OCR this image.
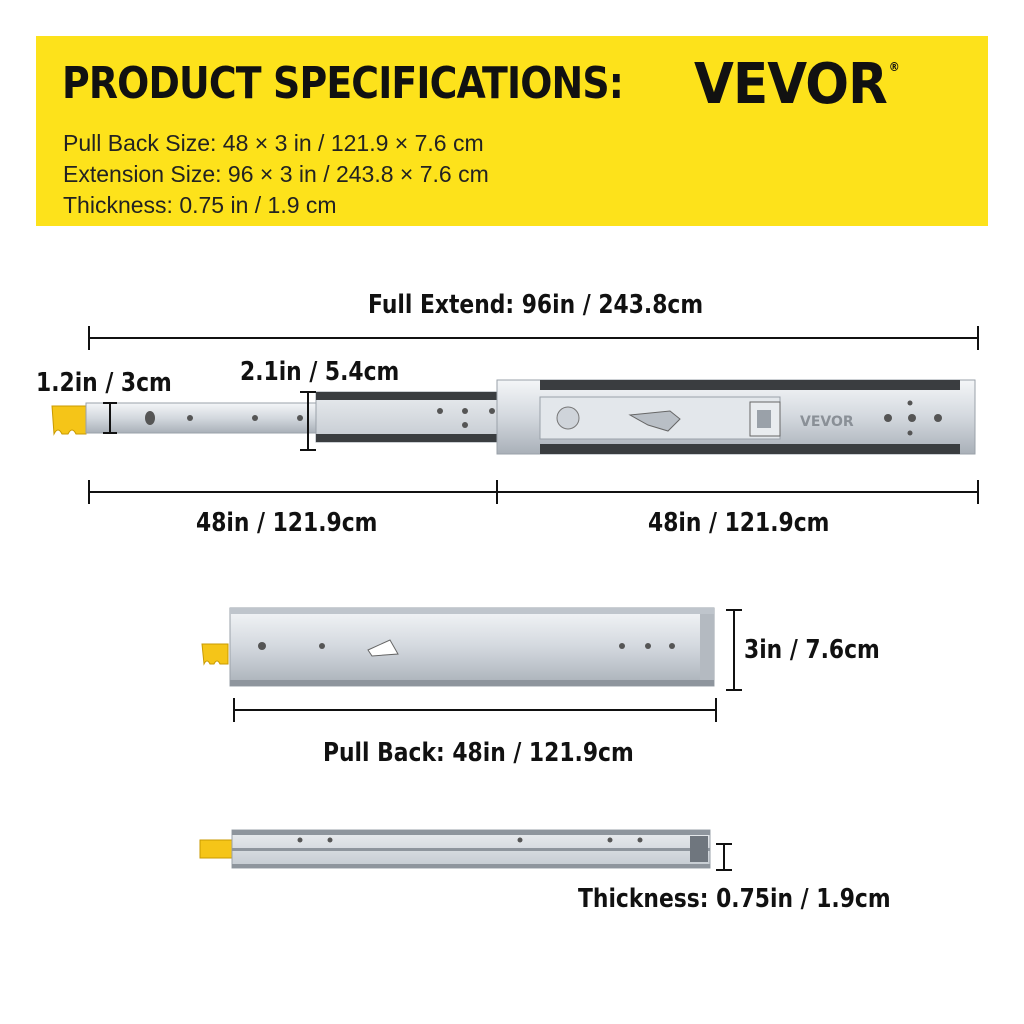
PRODUCT SPECIFICATIONS: VEVOR ®
Pull Back Size: 48 × 3 in / 121.9 × 7.6 cm
Extension Size: 96 × 3 in / 243.8 × 7.6 cm
Thickness: 0.75 in / 1.9 cm
VEVOR
Full Extend: 96in / 243.8cm
1.2in / 3cm	2.1in / 5.4cm
48in / 121.9cm	48in / 121.9cm
3in / 7.6cm
Pull Back: 48in / 121.9cm
Thickness: 0.75in / 1.9cm
